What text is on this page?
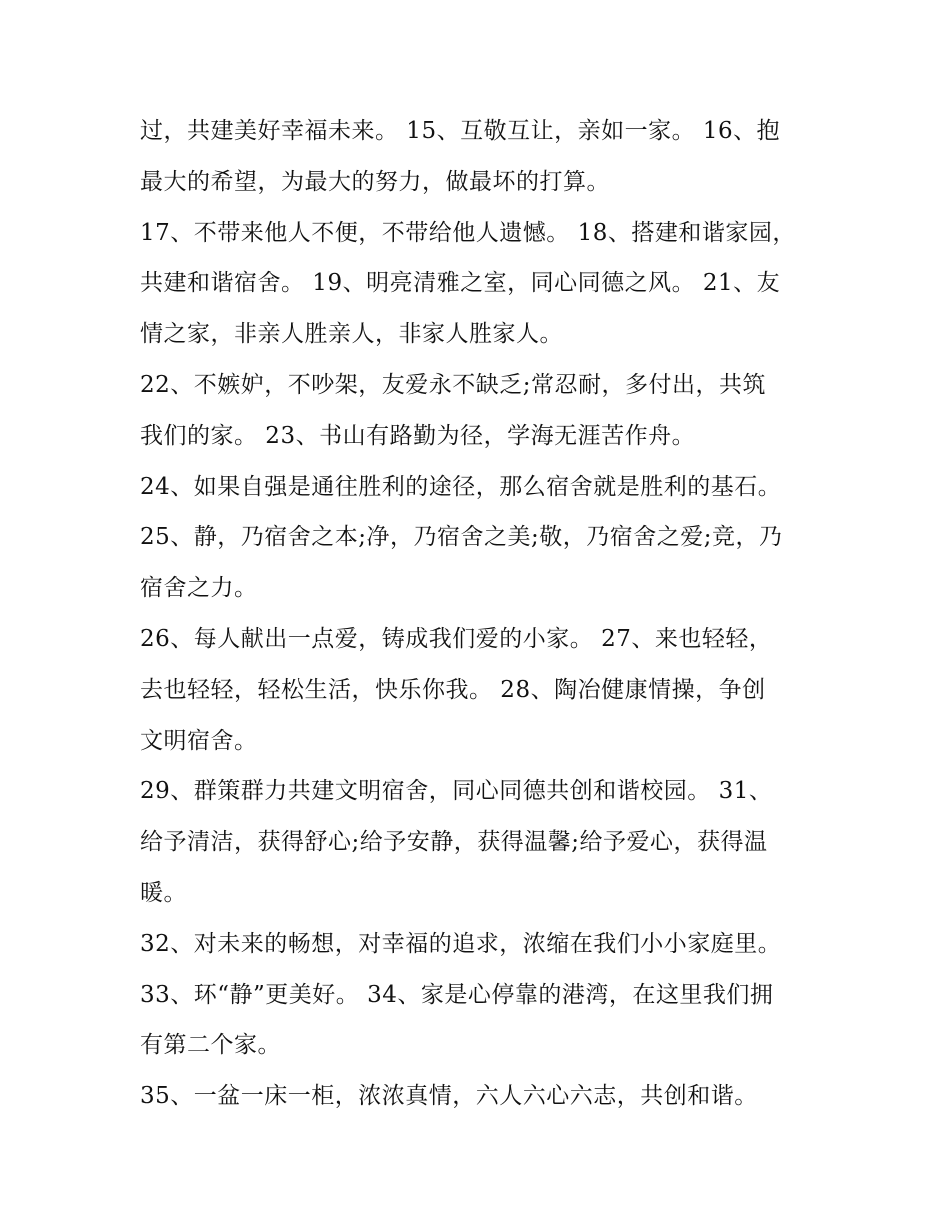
过，共建美好幸福未来。 15、互敬互让，亲如一家。 16、抱
最大的希望，为最大的努力，做最坏的打算。
17、不带来他人不便，不带给他人遗憾。 18、搭建和谐家园，
共建和谐宿舍。 19、明亮清雅之室，同心同德之风。 21、友
情之家，非亲人胜亲人，非家人胜家人。
22、不嫉妒，不吵架，友爱永不缺乏;常忍耐，多付出，共筑
我们的家。 23、书山有路勤为径，学海无涯苦作舟。
24、如果自强是通往胜利的途径，那么宿舍就是胜利的基石。
25、静，乃宿舍之本;净，乃宿舍之美;敬，乃宿舍之爱;竞，乃
宿舍之力。
26、每人献出一点爱，铸成我们爱的小家。 27、来也轻轻，
去也轻轻，轻松生活，快乐你我。 28、陶冶健康情操，争创
文明宿舍。
29、群策群力共建文明宿舍，同心同德共创和谐校园。 31、
给予清洁，获得舒心;给予安静，获得温馨;给予爱心，获得温
暖。
32、对未来的畅想，对幸福的追求，浓缩在我们小小家庭里。
33、环“静”更美好。 34、家是心停靠的港湾，在这里我们拥
有第二个家。
35、一盆一床一柜，浓浓真情，六人六心六志，共创和谐。
